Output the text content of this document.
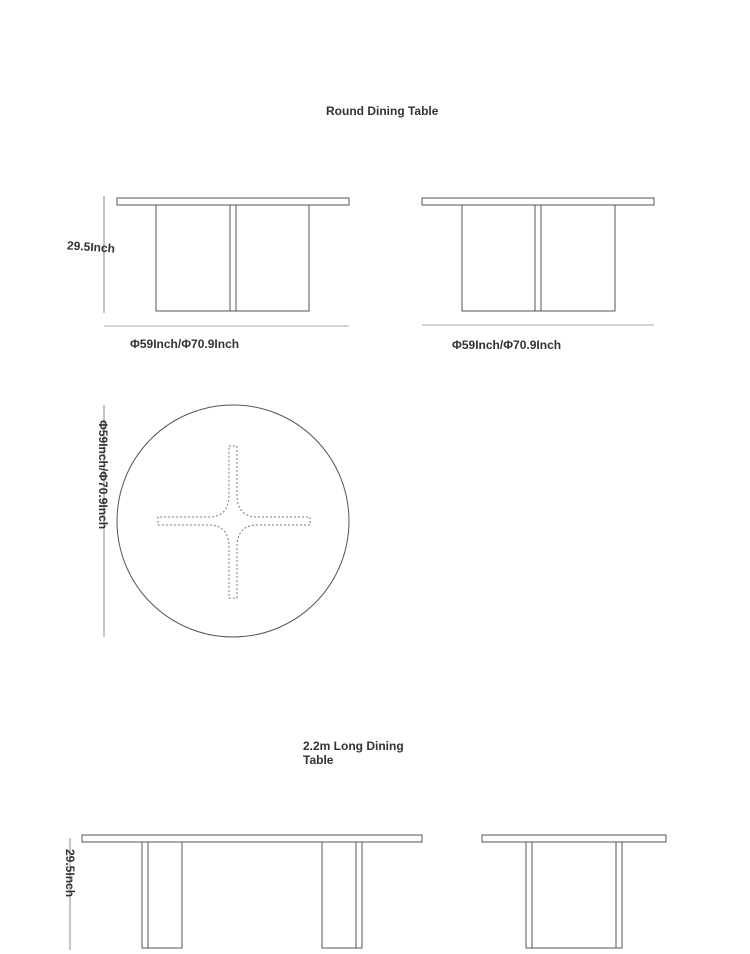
Round Dining Table
29.5Inch
Φ59Inch/Φ70.9Inch	Φ59Inch/Φ70.9Inch
Φ59Inch/Φ70.9Inch
2.2m Long Dining
Table
29.5Inch
